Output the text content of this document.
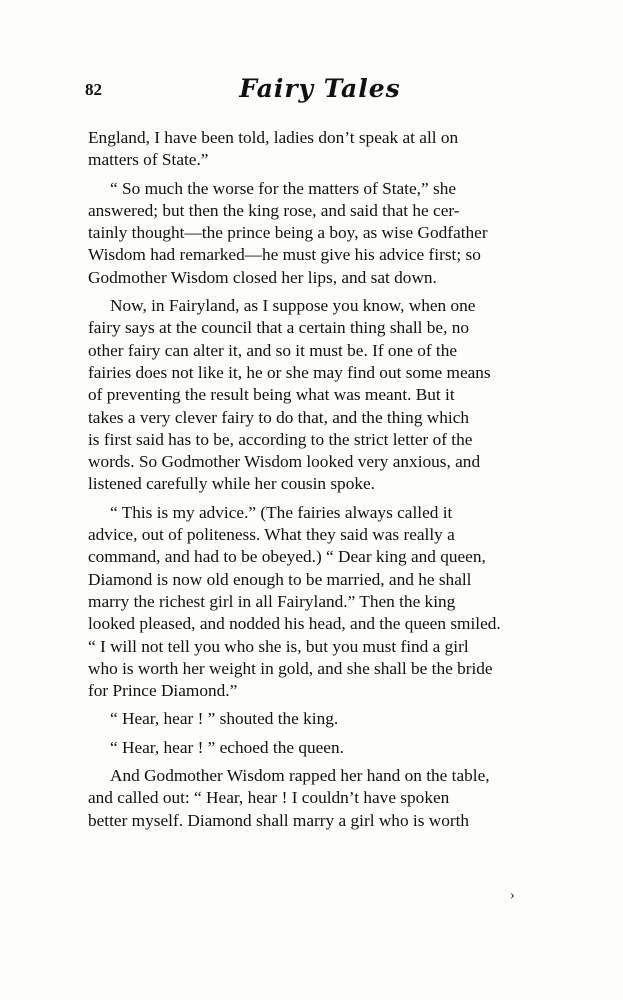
82	Fairy Tales

England, I have been told, ladies don’t speak at all on
matters of State.”

“ So much the worse for the matters of State,” she
answered; but then the king rose, and said that he cer-
tainly thought—the prince being a boy, as wise Godfather
Wisdom had remarked—he must give his advice first; so
Godmother Wisdom closed her lips, and sat down.

Now, in Fairyland, as I suppose you know, when one
fairy says at the council that a certain thing shall be, no
other fairy can alter it, and so it must be. If one of the
fairies does not like it, he or she may find out some means
of preventing the result being what was meant. But it
takes a very clever fairy to do that, and the thing which
is first said has to be, according to the strict letter of the
words. So Godmother Wisdom looked very anxious, and
listened carefully while her cousin spoke.

“ This is my advice.” (The fairies always called it
advice, out of politeness. What they said was really a
command, and had to be obeyed.) “ Dear king and queen,
Diamond is now old enough to be married, and he shall
marry the richest girl in all Fairyland.” Then the king
looked pleased, and nodded his head, and the queen smiled.
“ I will not tell you who she is, but you must find a girl
who is worth her weight in gold, and she shall be the bride
for Prince Diamond.”

“ Hear, hear ! ” shouted the king.

“ Hear, hear ! ” echoed the queen.

And Godmother Wisdom rapped her hand on the table,
and called out: “ Hear, hear ! I couldn’t have spoken
better myself. Diamond shall marry a girl who is worth

›
